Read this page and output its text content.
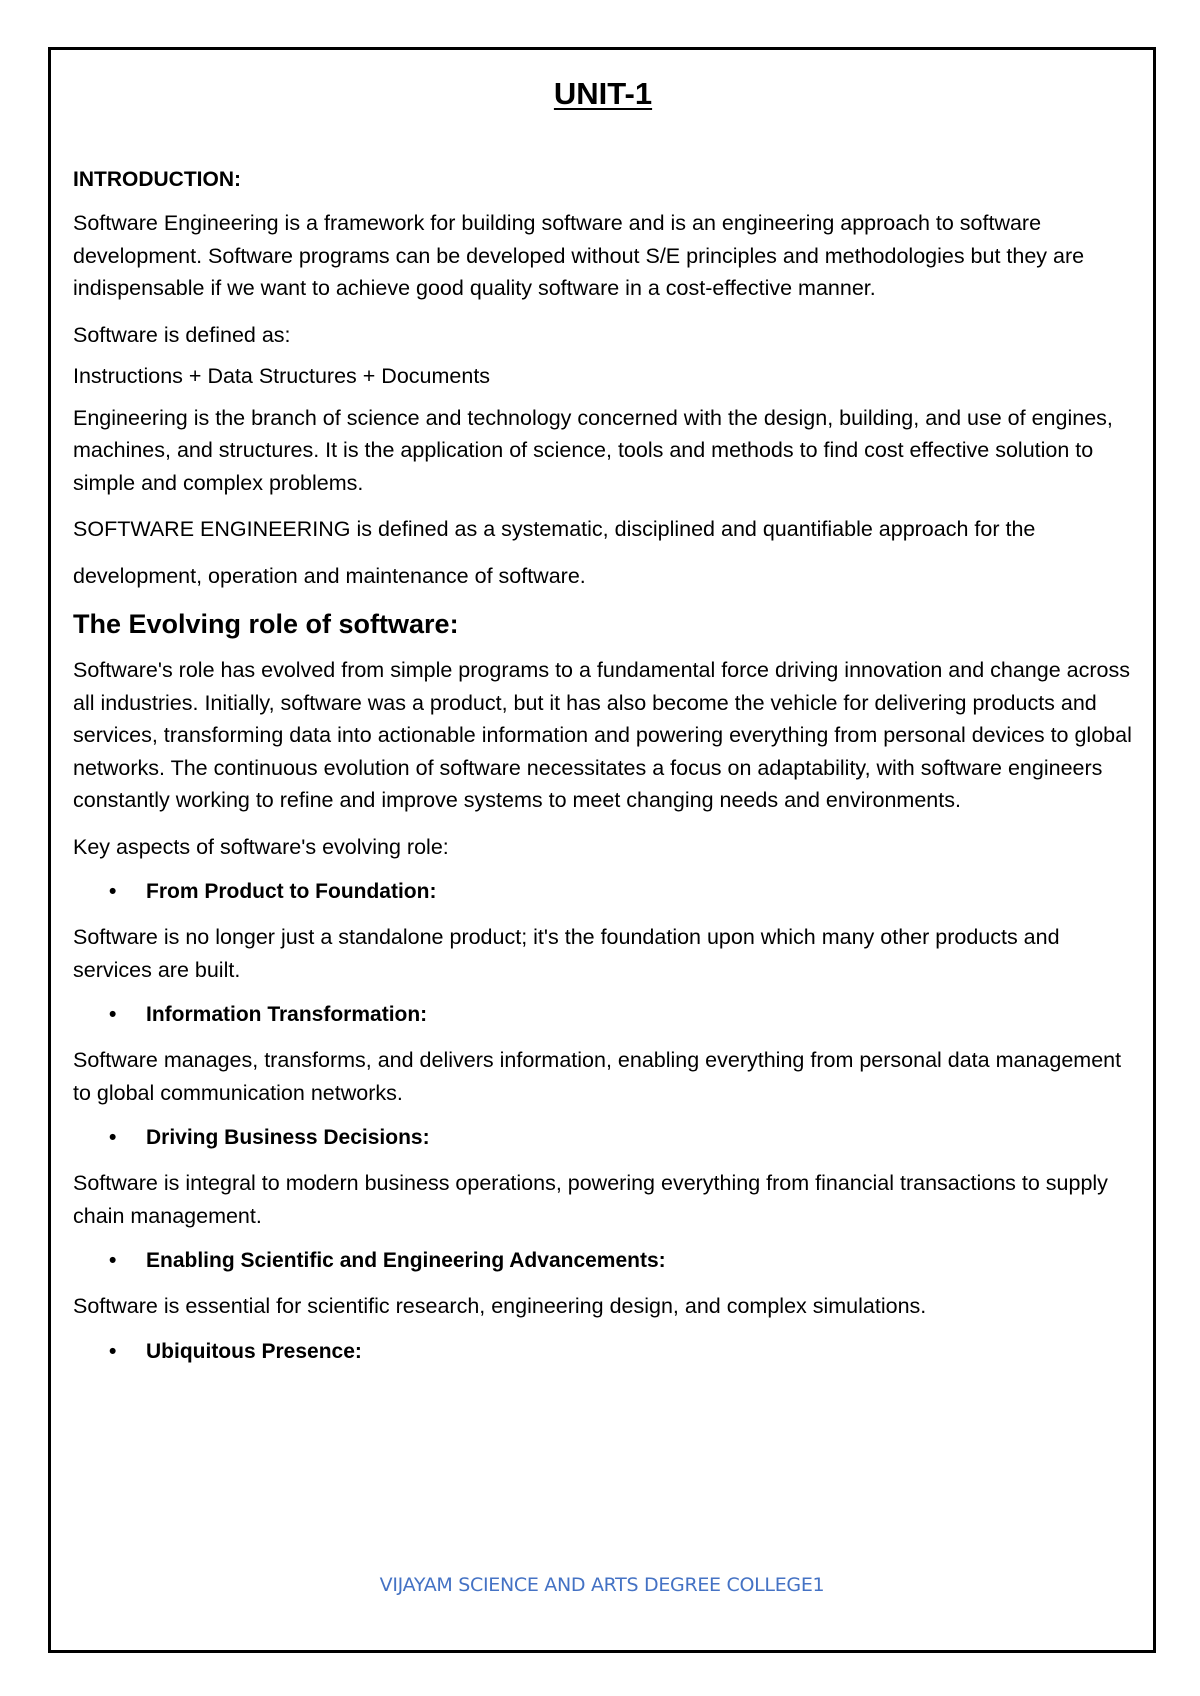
UNIT-1
INTRODUCTION:

Software Engineering is a framework for building software and is an engineering approach to software development. Software programs can be developed without S/E principles and methodologies but they are indispensable if we want to achieve good quality software in a cost-effective manner.

Software is defined as:

Instructions + Data Structures + Documents

Engineering is the branch of science and technology concerned with the design, building, and use of engines, machines, and structures. It is the application of science, tools and methods to find cost effective solution to simple and complex problems.

SOFTWARE ENGINEERING is defined as a systematic, disciplined and quantifiable approach for the

development, operation and maintenance of software.

The Evolving role of software:

Software's role has evolved from simple programs to a fundamental force driving innovation and change across all industries. Initially, software was a product, but it has also become the vehicle for delivering products and services, transforming data into actionable information and powering everything from personal devices to global networks. The continuous evolution of software necessitates a focus on adaptability, with software engineers constantly working to refine and improve systems to meet changing needs and environments.

Key aspects of software's evolving role:

• From Product to Foundation:

Software is no longer just a standalone product; it's the foundation upon which many other products and services are built.

• Information Transformation:

Software manages, transforms, and delivers information, enabling everything from personal data management to global communication networks.

• Driving Business Decisions:

Software is integral to modern business operations, powering everything from financial transactions to supply chain management.

• Enabling Scientific and Engineering Advancements:

Software is essential for scientific research, engineering design, and complex simulations.

• Ubiquitous Presence:
VIJAYAM SCIENCE AND ARTS DEGREE COLLEGE1
